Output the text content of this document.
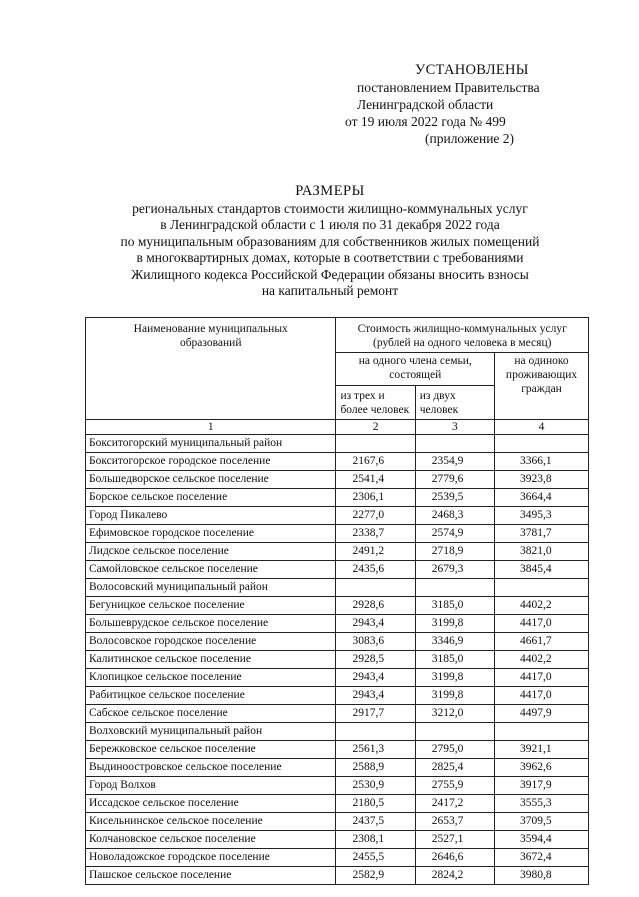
УСТАНОВЛЕНЫ
постановлением Правительства
Ленинградской области
от 19 июля 2022 года № 499
(приложение 2)
РАЗМЕРЫ
региональных стандартов стоимости жилищно-коммунальных услуг
в Ленинградской области с 1 июля по 31 декабря 2022 года
по муниципальным образованиям для собственников жилых помещений
в многоквартирных домах, которые в соответствии с требованиями
Жилищного кодекса Российской Федерации обязаны вносить взносы
на капитальный ремонт
Наименование муниципальных образований	Стоимость жилищно-коммунальных услуг (рублей на одного человека в месяц)		
	на одного члена семьи, состоящей		на одиноко проживающих граждан
	из трех и более человек	из двух человек	
1	2	3	4
Бокситогорский муниципальный район			
Бокситогорское городское поселение	2167,6	2354,9	3366,1
Большедворское сельское поселение	2541,4	2779,6	3923,8
Борское сельское поселение	2306,1	2539,5	3664,4
Город Пикалево	2277,0	2468,3	3495,3
Ефимовское городское поселение	2338,7	2574,9	3781,7
Лидское сельское поселение	2491,2	2718,9	3821,0
Самойловское сельское поселение	2435,6	2679,3	3845,4
Волосовский муниципальный район			
Бегуницкое сельское поселение	2928,6	3185,0	4402,2
Большеврудское сельское поселение	2943,4	3199,8	4417,0
Волосовское городское поселение	3083,6	3346,9	4661,7
Калитинское сельское поселение	2928,5	3185,0	4402,2
Клопицкое сельское поселение	2943,4	3199,8	4417,0
Рабитицкое сельское поселение	2943,4	3199,8	4417,0
Сабское сельское поселение	2917,7	3212,0	4497,9
Волховский муниципальный район			
Бережковское сельское поселение	2561,3	2795,0	3921,1
Выдиноостровское сельское поселение	2588,9	2825,4	3962,6
Город Волхов	2530,9	2755,9	3917,9
Иссадское сельское поселение	2180,5	2417,2	3555,3
Кисельнинское сельское поселение	2437,5	2653,7	3709,5
Колчановское сельское поселение	2308,1	2527,1	3594,4
Новоладожское городское поселение	2455,5	2646,6	3672,4
Пашское сельское поселение	2582,9	2824,2	3980,8
